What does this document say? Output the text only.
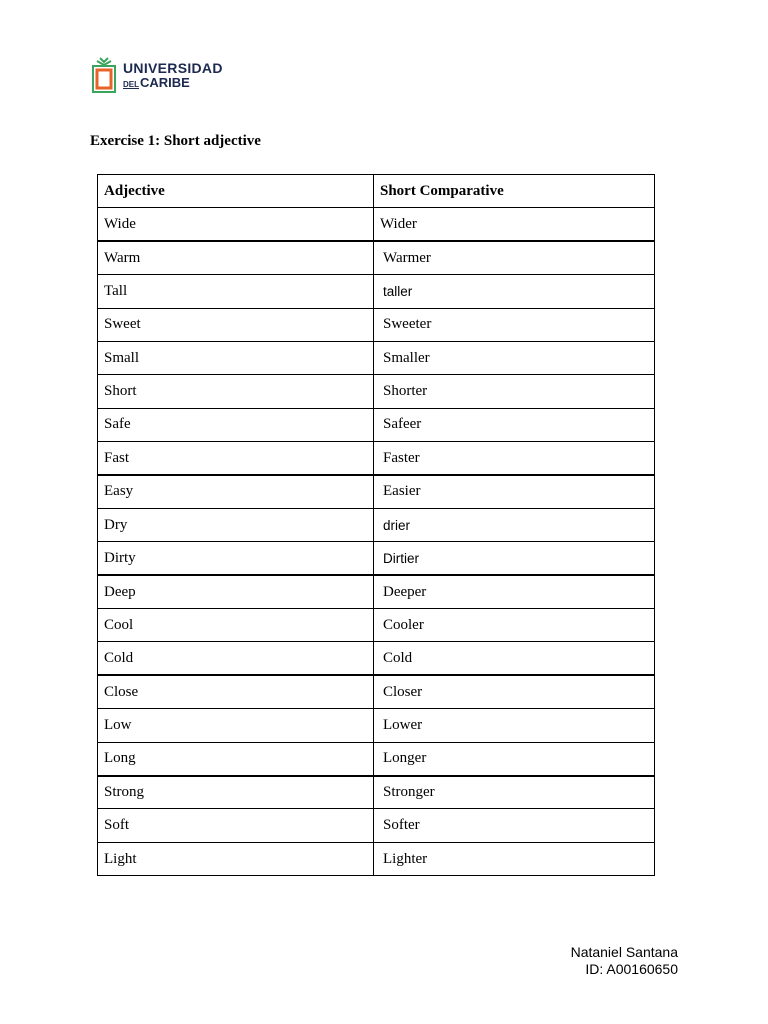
UNIVERSIDAD
DEL CARIBE
Exercise 1: Short adjective
Adjective	Short Comparative
Wide	Wider
Warm	Warmer
Tall	taller
Sweet	Sweeter
Small	Smaller
Short	Shorter
Safe	Safeer
Fast	Faster
Easy	Easier
Dry	drier
Dirty	Dirtier
Deep	Deeper
Cool	Cooler
Cold	Cold
Close	Closer
Low	Lower
Long	Longer
Strong	Stronger
Soft	Softer
Light	Lighter
Nataniel Santana
ID: A00160650
